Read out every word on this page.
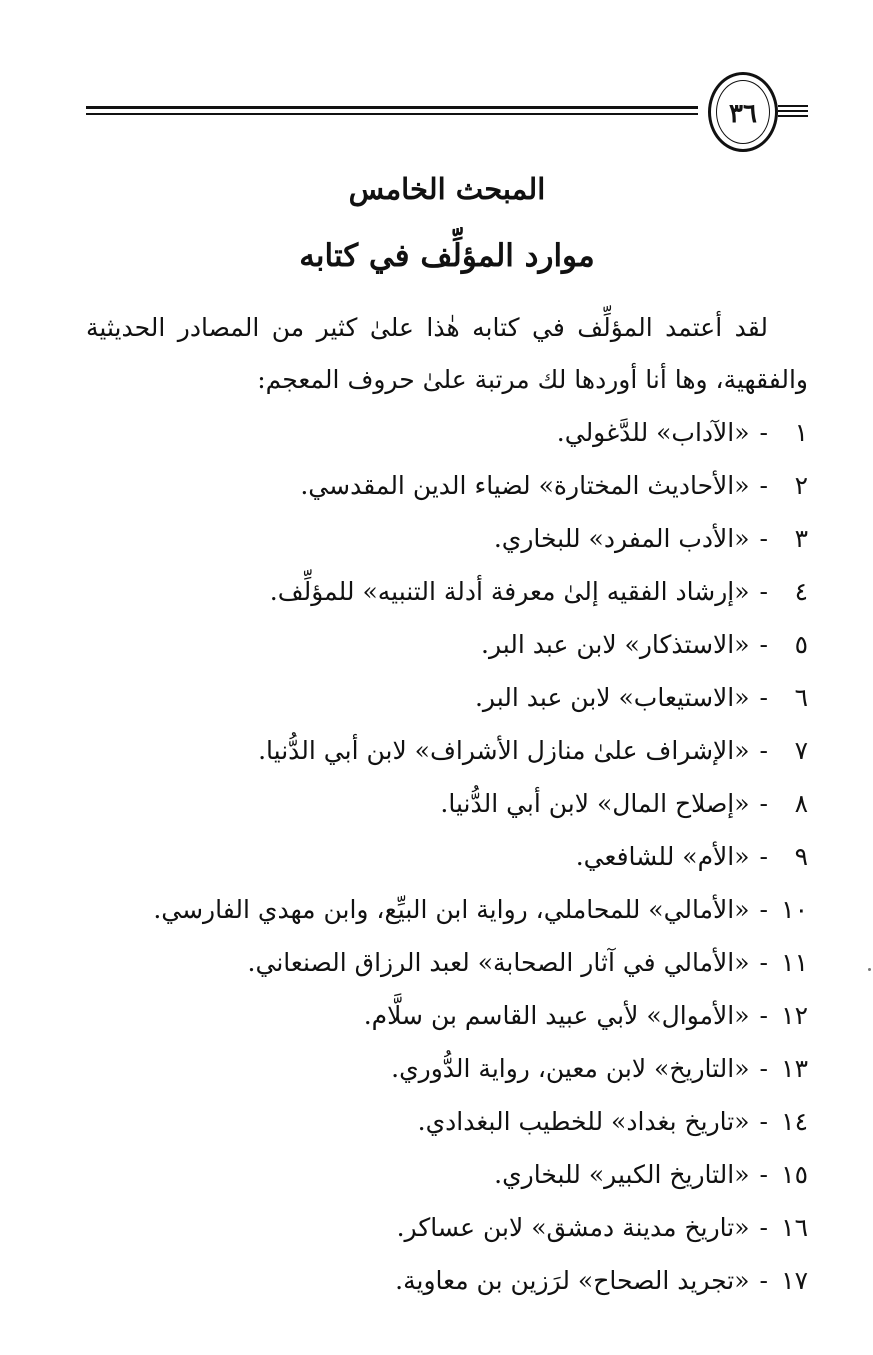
٣٦
المبحث الخامس
موارد المؤلِّف في كتابه

لقد أعتمد المؤلِّف في كتابه هٰذا علىٰ كثير من المصادر الحديثية والفقهية، وها أنا أوردها لك مرتبة علىٰ حروف المعجم:

١-«الآداب» للدَّغولي.
٢-«الأحاديث المختارة» لضياء الدين المقدسي.
٣-«الأدب المفرد» للبخاري.
٤-«إرشاد الفقيه إلىٰ معرفة أدلة التنبيه» للمؤلِّف.
٥-«الاستذكار» لابن عبد البر.
٦-«الاستيعاب» لابن عبد البر.
٧-«الإشراف علىٰ منازل الأشراف» لابن أبي الدُّنيا.
٨-«إصلاح المال» لابن أبي الدُّنيا.
٩-«الأم» للشافعي.
١٠-«الأمالي» للمحاملي، رواية ابن البيِّع، وابن مهدي الفارسي.
١١-«الأمالي في آثار الصحابة» لعبد الرزاق الصنعاني.
١٢-«الأموال» لأبي عبيد القاسم بن سلَّام.
١٣-«التاريخ» لابن معين، رواية الدُّوري.
١٤-«تاريخ بغداد» للخطيب البغدادي.
١٥-«التاريخ الكبير» للبخاري.
١٦-«تاريخ مدينة دمشق» لابن عساكر.
١٧-«تجريد الصحاح» لرَزين بن معاوية.
